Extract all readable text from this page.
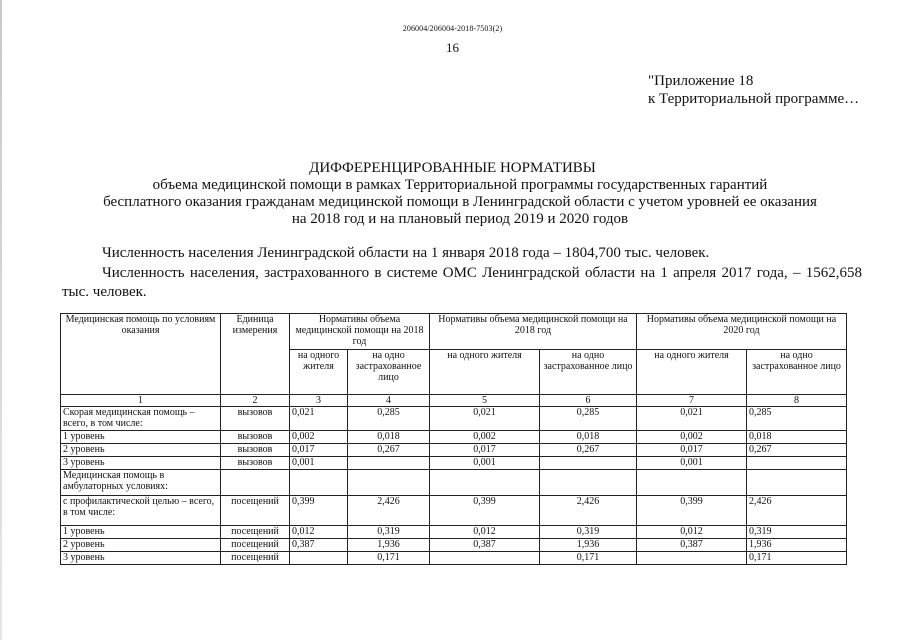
206004/206004-2018-7503(2)
16
"Приложение 18
к Территориальной программе…
ДИФФЕРЕНЦИРОВАННЫЕ НОРМАТИВЫ
объема медицинской помощи в рамках Территориальной программы государственных гарантий
бесплатного оказания гражданам медицинской помощи в Ленинградской области с учетом уровней ее оказания
на 2018 год и на плановый период 2019 и 2020 годов
Численность населения Ленинградской области на 1 января 2018 года – 1804,700 тыс. человек.
Численность населения, застрахованного в системе ОМС Ленинградской области на 1 апреля 2017 года, – 1562,658 тыс. человек.
Медицинская помощь по условиям оказания	Единица измерения	Нормативы объема медицинской помощи на 2018 год		Нормативы объема медицинской помощи на 2018 год		Нормативы объема медицинской помощи на 2020 год	
		на одного жителя	на одно застрахованное лицо	на одного жителя	на одно застрахованное лицо	на одного жителя	на одно застрахованное лицо
1	2	3	4	5	6	7	8
Скорая медицинская помощь – всего, в том числе:	вызовов	0,021	0,285	0,021	0,285	0,021	0,285
1 уровень	вызовов	0,002	0,018	0,002	0,018	0,002	0,018
2 уровень	вызовов	0,017	0,267	0,017	0,267	0,017	0,267
3 уровень	вызовов	0,001		0,001		0,001	
Медицинская помощь в амбулаторных условиях:							
с профилактической целью – всего, в том числе:	посещений	0,399	2,426	0,399	2,426	0,399	2,426
1 уровень	посещений	0,012	0,319	0,012	0,319	0,012	0,319
2 уровень	посещений	0,387	1,936	0,387	1,936	0,387	1,936
3 уровень	посещений		0,171		0,171		0,171
